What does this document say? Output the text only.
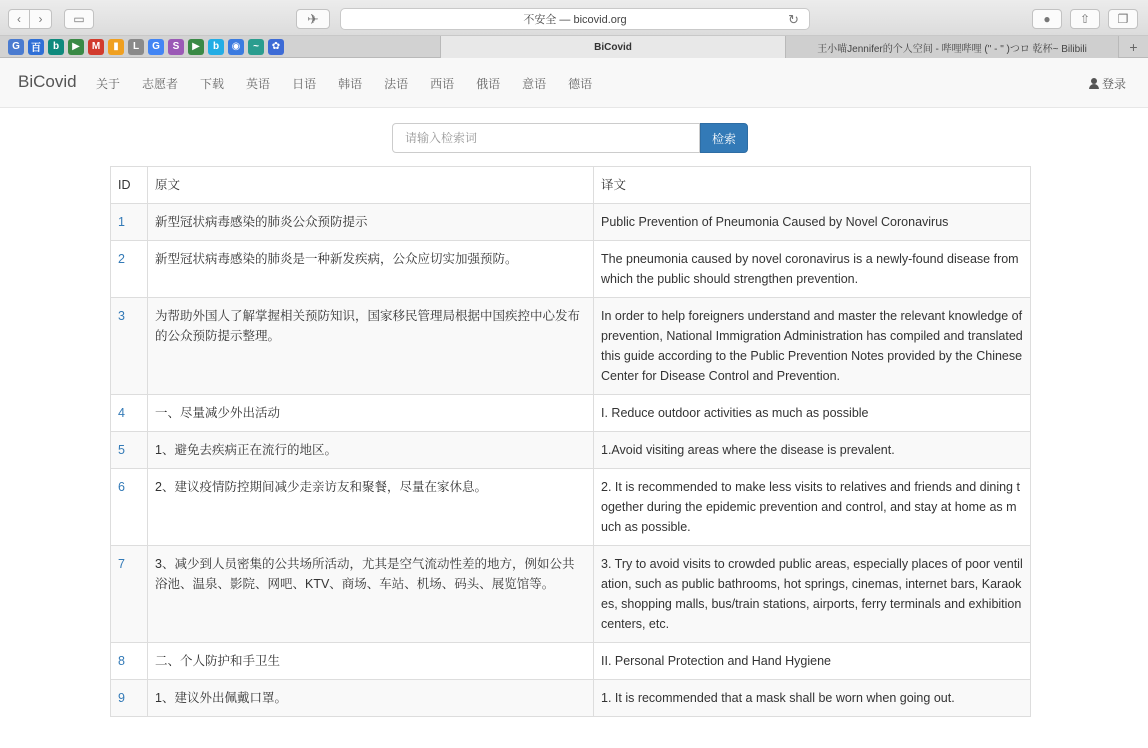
‹	›	▭	✈	不安全 — bicovid.org	↻	●	⇧	❐
G	百	b	▶	M	▮	L	G	S	▶	b	◉	~	✿	BiCovid	王小喵Jennifer的个人空间 - 哔哩哔哩 (" - " )つロ 乾杯~ Bilibili	+
BiCovid 关于 志愿者 下载 英语 日语 韩语 法语 西语 俄语 意语 德语	登录
请输入检索词
检索
ID	原文	译文
1	新型冠状病毒感染的肺炎公众预防提示	Public Prevention of Pneumonia Caused by Novel Coronavirus
2	新型冠状病毒感染的肺炎是一种新发疾病，公众应切实加强预防。	The pneumonia caused by novel coronavirus is a newly-found disease from which the public should strengthen prevention.
3	为帮助外国人了解掌握相关预防知识，国家移民管理局根据中国疾控中心发布的公众预防提示整理。	In order to help foreigners understand and master the relevant knowledge of prevention, National Immigration Administration has compiled and translated this guide according to the Public Prevention Notes provided by the Chinese Center for Disease Control and Prevention.
4	一、尽量减少外出活动	I. Reduce outdoor activities as much as possible
5	1、避免去疾病正在流行的地区。	1.Avoid visiting areas where the disease is prevalent.
6	2、建议疫情防控期间减少走亲访友和聚餐，尽量在家休息。	2. It is recommended to make less visits to relatives and friends and dining together during the epidemic prevention and control, and stay at home as much as possible.
7	3、减少到人员密集的公共场所活动，尤其是空气流动性差的地方，例如公共浴池、温泉、影院、网吧、KTV、商场、车站、机场、码头、展览馆等。	3. Try to avoid visits to crowded public areas, especially places of poor ventilation, such as public bathrooms, hot springs, cinemas, internet bars, Karaokes, shopping malls, bus/train stations, airports, ferry terminals and exhibition centers, etc.
8	二、个人防护和手卫生	II. Personal Protection and Hand Hygiene
9	1、建议外出佩戴口罩。	1. It is recommended that a mask shall be worn when going out.
